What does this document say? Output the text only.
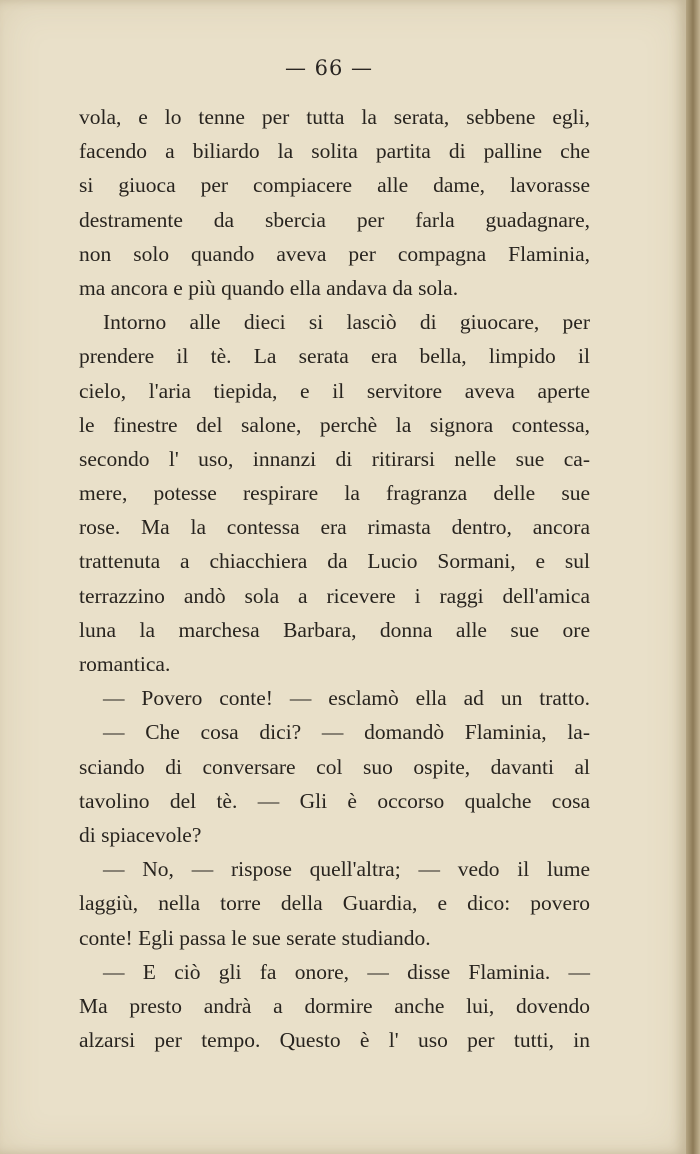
— 66 —
vola, e lo tenne per tutta la serata, sebbene egli,
facendo a biliardo la solita partita di palline che
si giuoca per compiacere alle dame, lavorasse
destramente da sbercia per farla guadagnare,
non solo quando aveva per compagna Flaminia,
ma ancora e più quando ella andava da sola.
Intorno alle dieci si lasciò di giuocare, per
prendere il tè. La serata era bella, limpido il
cielo, l'aria tiepida, e il servitore aveva aperte
le finestre del salone, perchè la signora contessa,
secondo l' uso, innanzi di ritirarsi nelle sue ca-
mere, potesse respirare la fragranza delle sue
rose. Ma la contessa era rimasta dentro, ancora
trattenuta a chiacchiera da Lucio Sormani, e sul
terrazzino andò sola a ricevere i raggi dell'amica
luna la marchesa Barbara, donna alle sue ore
romantica.
— Povero conte! — esclamò ella ad un tratto.
— Che cosa dici? — domandò Flaminia, la-
sciando di conversare col suo ospite, davanti al
tavolino del tè. — Gli è occorso qualche cosa
di spiacevole?
— No, — rispose quell'altra; — vedo il lume
laggiù, nella torre della Guardia, e dico: povero
conte! Egli passa le sue serate studiando.
— E ciò gli fa onore, — disse Flaminia. —
Ma presto andrà a dormire anche lui, dovendo
alzarsi per tempo. Questo è l' uso per tutti, in
